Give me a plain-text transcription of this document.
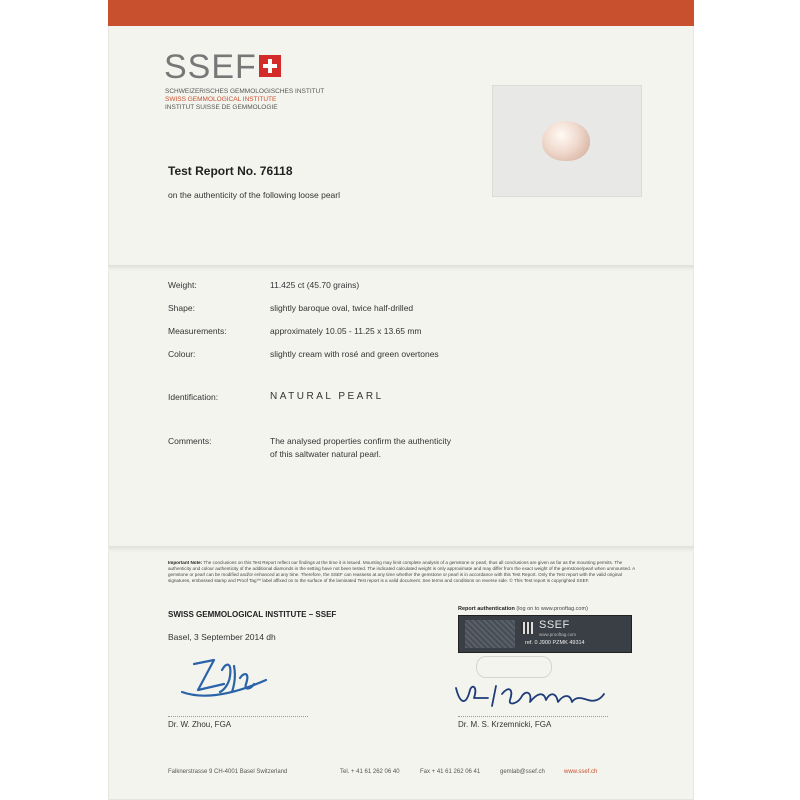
SSEF
SCHWEIZERISCHES GEMMOLOGISCHES INSTITUT
SWISS GEMMOLOGICAL INSTITUTE
INSTITUT SUISSE DE GEMMOLOGIE
Test Report No. 76118
on the authenticity of the following loose pearl
Weight:	11.425 ct (45.70 grains)
Shape:	slightly baroque oval, twice half-drilled
Measurements:	approximately 10.05 - 11.25 x 13.65 mm
Colour:	slightly cream with rosé and green overtones
Identification:	NATURAL PEARL
Comments:	The analysed properties confirm the authenticity
of this saltwater natural pearl.
Important Note: The conclusions on this Test Report reflect our findings at the time it is issued. Mounting may limit complete analysis of a gemstone or pearl, thus all conclusions are given as far as the mounting permits. The authenticity and colour authenticity of the additional diamonds in the setting have not been tested. The indicated calculated weight is only approximate and may differ from the exact weight of the gemstone/pearl when unmounted. A gemstone or pearl can be modified and/or enhanced at any time. Therefore, the SSEF can reassess at any time whether the gemstone or pearl is in accordance with this Test Report. Only the Test report with the valid original signatures, embossed stamp and Proof Tag™ label affixed on to the surface of the laminated Test report is a valid document. See terms and conditions on reverse side. © This Test report is copyrighted SSEF.
SWISS GEMMOLOGICAL INSTITUTE – SSEF
Basel, 3 September 2014 dh
Report authentication (log on to www.prooftag.com)
SSEF
www.prooftag.com
ref. 0 J900 PZMK 49314
Dr. W. Zhou, FGA	Dr. M. S. Krzemnicki, FGA
Falknerstrasse 9 CH-4001 Basel Switzerland	Tel. + 41 61 262 06 40	Fax + 41 61 262 06 41	gemlab@ssef.ch	www.ssef.ch
